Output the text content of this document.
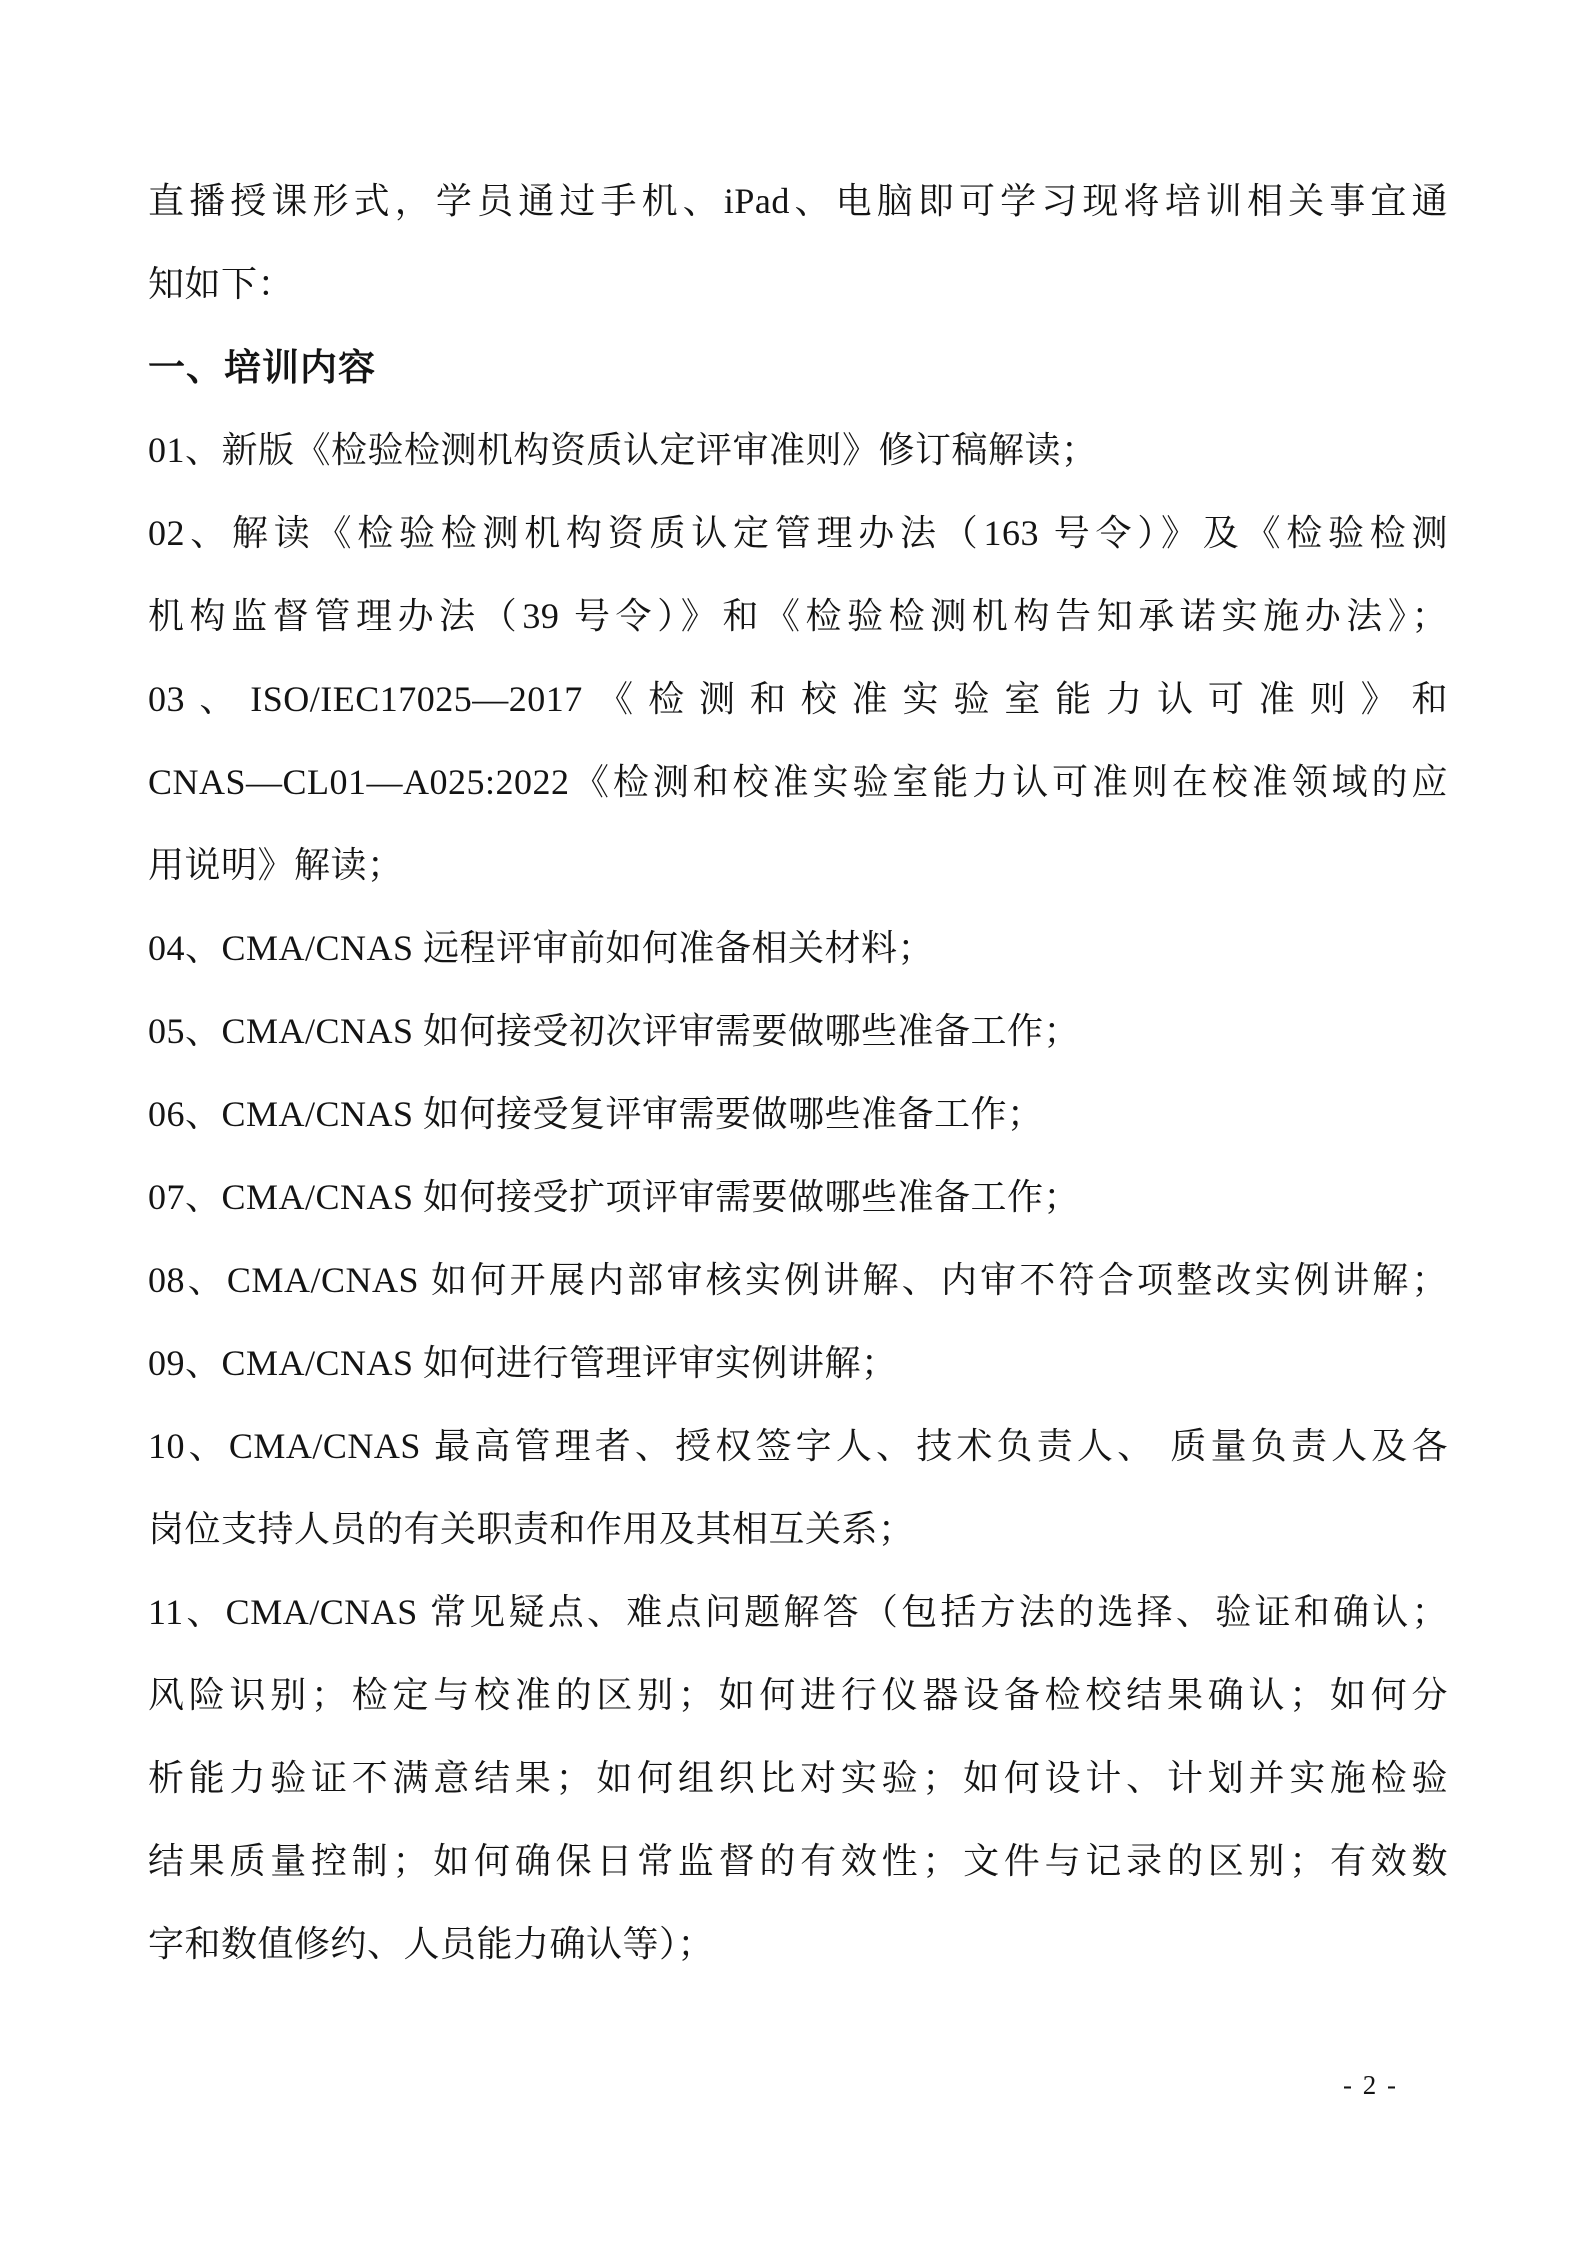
直播授课形式，学员通过手机、iPad、电脑即可学习现将培训相关事宜通
知如下：
一、培训内容
01、新版《检验检测机构资质认定评审准则》修订稿解读；
02、解读《检验检测机构资质认定管理办法（163 号令）》及《检验检测
机构监督管理办法（39 号令）》和《检验检测机构告知承诺实施办法》；
03、ISO/IEC17025—2017《检测和校准实验室能力认可准则》和
CNAS—CL01—A025:2022《检测和校准实验室能力认可准则在校准领域的应
用说明》解读；
04、CMA/CNAS 远程评审前如何准备相关材料；
05、CMA/CNAS 如何接受初次评审需要做哪些准备工作；
06、CMA/CNAS 如何接受复评审需要做哪些准备工作；
07、CMA/CNAS 如何接受扩项评审需要做哪些准备工作；
08、CMA/CNAS 如何开展内部审核实例讲解、内审不符合项整改实例讲解；
09、CMA/CNAS 如何进行管理评审实例讲解；
10、CMA/CNAS 最高管理者、授权签字人、技术负责人、 质量负责人及各
岗位支持人员的有关职责和作用及其相互关系；
11、CMA/CNAS 常见疑点、难点问题解答（包括方法的选择、验证和确认；
风险识别；检定与校准的区别；如何进行仪器设备检校结果确认；如何分
析能力验证不满意结果；如何组织比对实验；如何设计、计划并实施检验
结果质量控制；如何确保日常监督的有效性；文件与记录的区别；有效数
字和数值修约、人员能力确认等）；
- 2 -
